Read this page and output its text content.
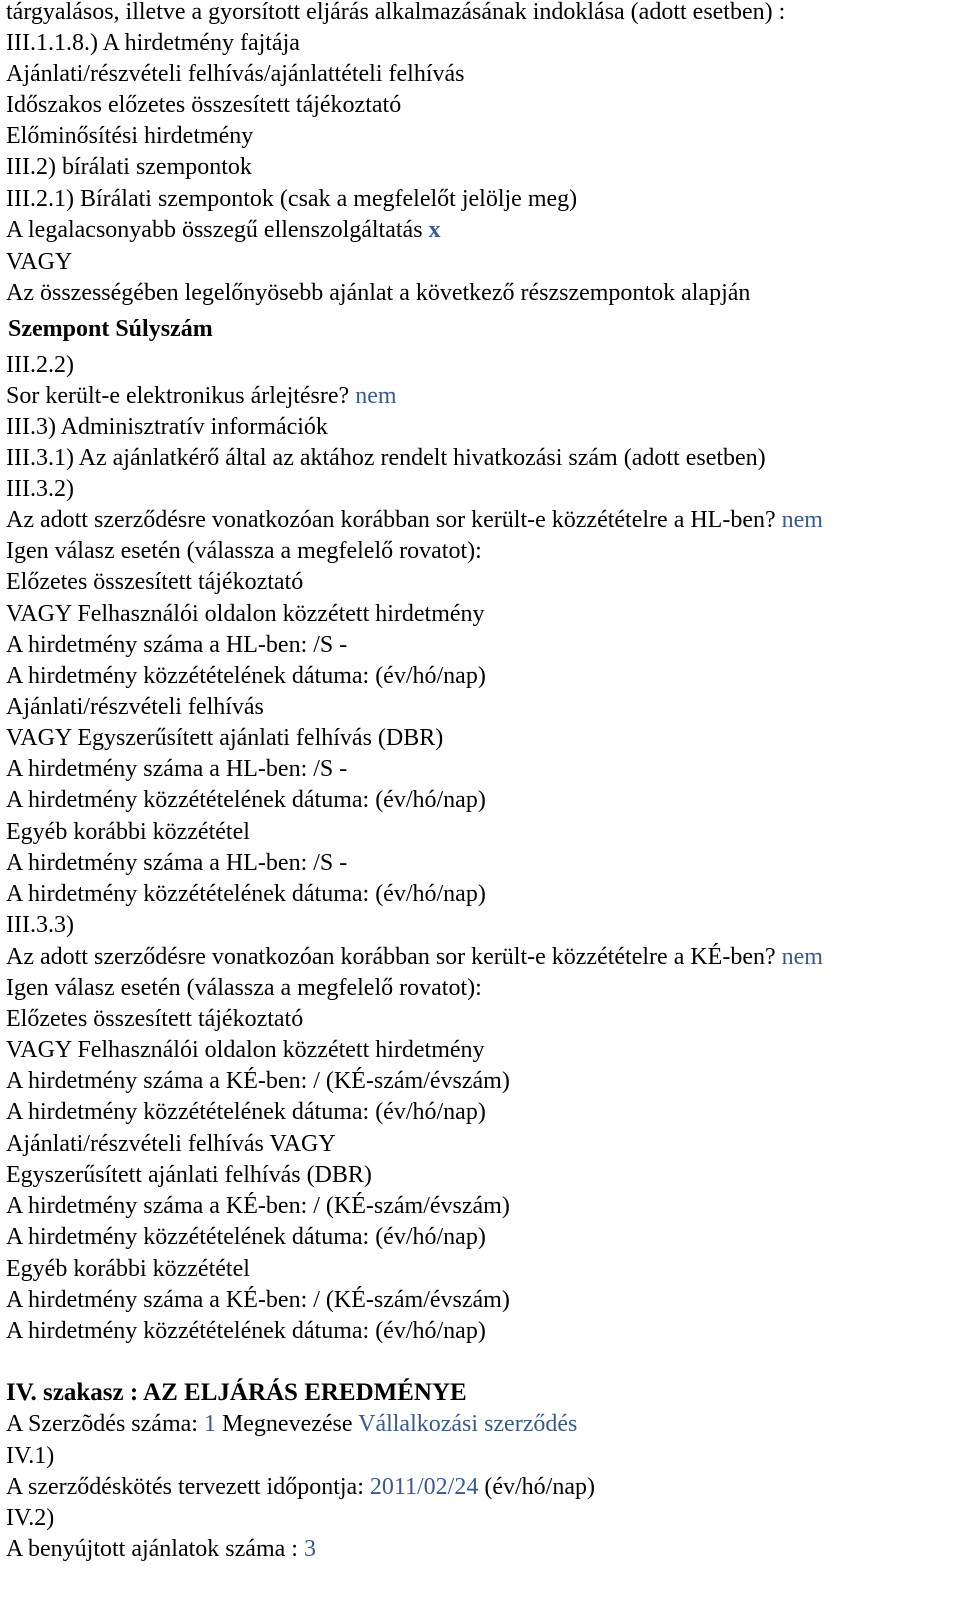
tárgyalásos, illetve a gyorsított eljárás alkalmazásának indoklása (adott esetben) :
III.1.1.8.) A hirdetmény fajtája
Ajánlati/részvételi felhívás/ajánlattételi felhívás
Időszakos előzetes összesített tájékoztató
Előminősítési hirdetmény
III.2) bírálati szempontok
III.2.1) Bírálati szempontok (csak a megfelelőt jelölje meg)
A legalacsonyabb összegű ellenszolgáltatás x
VAGY
Az összességében legelőnyösebb ajánlat a következő részszempontok alapján
Szempont Súlyszám
III.2.2)
Sor került-e elektronikus árlejtésre? nem
III.3) Adminisztratív információk
III.3.1) Az ajánlatkérő által az aktához rendelt hivatkozási szám (adott esetben)
III.3.2)
Az adott szerződésre vonatkozóan korábban sor került-e közzétételre a HL-ben? nem
Igen válasz esetén (válassza a megfelelő rovatot):
Előzetes összesített tájékoztató
VAGY Felhasználói oldalon közzétett hirdetmény
A hirdetmény száma a HL-ben: /S -
A hirdetmény közzétételének dátuma: (év/hó/nap)
Ajánlati/részvételi felhívás
VAGY Egyszerűsített ajánlati felhívás (DBR)
A hirdetmény száma a HL-ben: /S -
A hirdetmény közzétételének dátuma: (év/hó/nap)
Egyéb korábbi közzététel
A hirdetmény száma a HL-ben: /S -
A hirdetmény közzétételének dátuma: (év/hó/nap)
III.3.3)
Az adott szerződésre vonatkozóan korábban sor került-e közzétételre a KÉ-ben? nem
Igen válasz esetén (válassza a megfelelő rovatot):
Előzetes összesített tájékoztató
VAGY Felhasználói oldalon közzétett hirdetmény
A hirdetmény száma a KÉ-ben: / (KÉ-szám/évszám)
A hirdetmény közzétételének dátuma: (év/hó/nap)
Ajánlati/részvételi felhívás VAGY
Egyszerűsített ajánlati felhívás (DBR)
A hirdetmény száma a KÉ-ben: / (KÉ-szám/évszám)
A hirdetmény közzétételének dátuma: (év/hó/nap)
Egyéb korábbi közzététel
A hirdetmény száma a KÉ-ben: / (KÉ-szám/évszám)
A hirdetmény közzétételének dátuma: (év/hó/nap)
IV. szakasz : AZ ELJÁRÁS EREDMÉNYE
A Szerzõdés száma: 1 Megnevezése Vállalkozási szerződés
IV.1)
A szerződéskötés tervezett időpontja: 2011/02/24 (év/hó/nap)
IV.2)
A benyújtott ajánlatok száma : 3
